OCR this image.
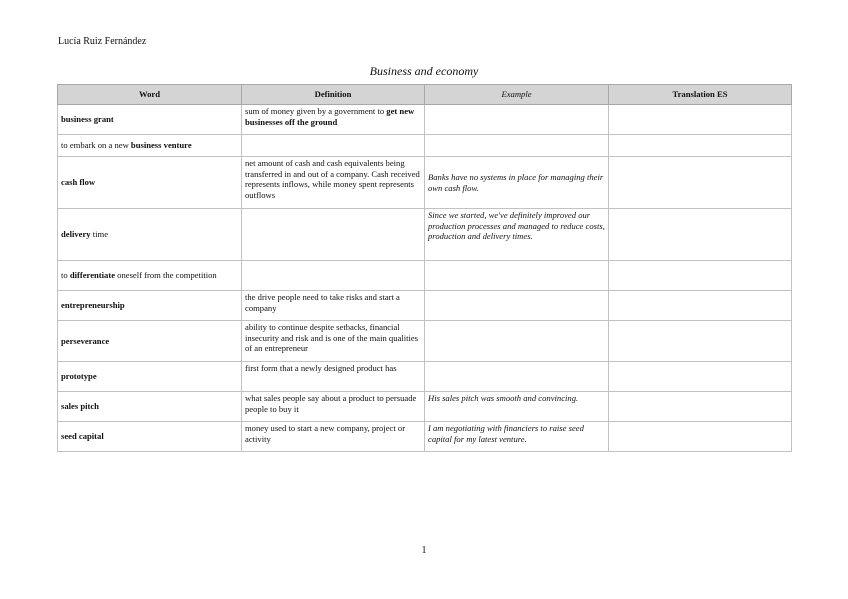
Lucía Ruiz Fernández
Business and economy
Word	Definition	Example	Translation ES
business grant	sum of money given by a government to get new businesses off the ground		
to embark on a new business venture			
cash flow	net amount of cash and cash equivalents being transferred in and out of a company. Cash received represents inflows, while money spent represents outflows	Banks have no systems in place for managing their own cash flow.	
delivery time		Since we started, we've definitely improved our production processes and managed to reduce costs, production and delivery times.	
to differentiate oneself from the competition			
entrepreneurship	the drive people need to take risks and start a company		
perseverance	ability to continue despite setbacks, financial insecurity and risk and is one of the main qualities of an entrepreneur		
prototype	first form that a newly designed product has		
sales pitch	what sales people say about a product to persuade people to buy it	His sales pitch was smooth and convincing.	
seed capital	money used to start a new company, project or activity	I am negotiating with financiers to raise seed capital for my latest venture.	
1
